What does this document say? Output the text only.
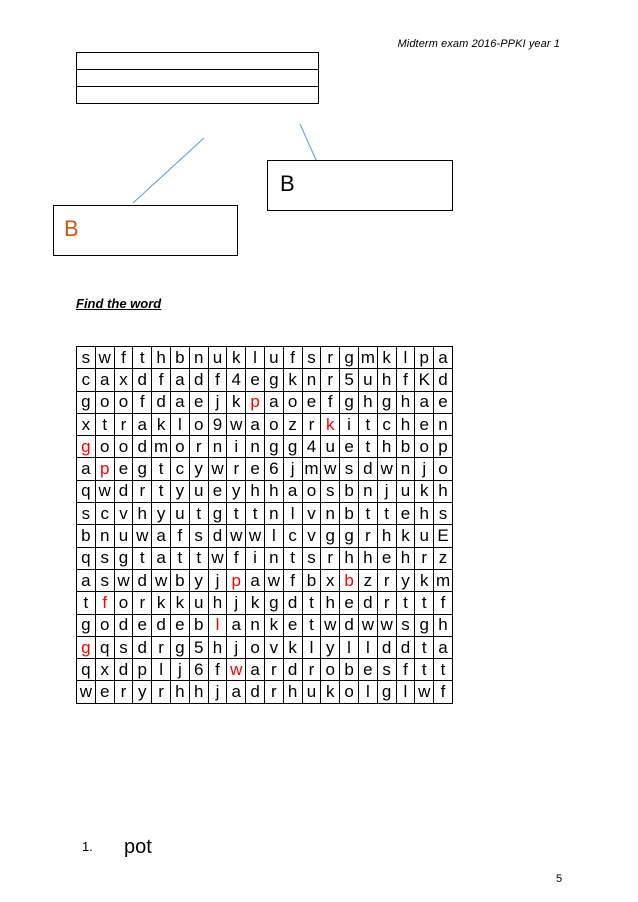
Midterm exam 2016-PPKI year 1

B
B
Find the word
s	w	f	t	h	b	n	u	k	l	u	f	s	r	g	m	k	l	p	a
c	a	x	d	f	a	d	f	4	e	g	k	n	r	5	u	h	f	K	d
g	o	o	f	d	a	e	j	k	p	a	o	e	f	g	h	g	h	a	e
x	t	r	a	k	l	o	9	w	a	o	z	r	k	i	t	c	h	e	n
g	o	o	d	m	o	r	n	i	n	g	g	4	u	e	t	h	b	o	p
a	p	e	g	t	c	y	w	r	e	6	j	m	w	s	d	w	n	j	o
q	w	d	r	t	y	u	e	y	h	h	a	o	s	b	n	j	u	k	h
s	c	v	h	y	u	t	g	t	t	n	l	v	n	b	t	t	e	h	s
b	n	u	w	a	f	s	d	w	w	l	c	v	g	g	r	h	k	u	E
q	s	g	t	a	t	t	w	f	i	n	t	s	r	h	h	e	h	r	z
a	s	w	d	w	b	y	j	p	a	w	f	b	x	b	z	r	y	k	m
t	f	o	r	k	k	u	h	j	k	g	d	t	h	e	d	r	t	t	f
g	o	d	e	d	e	b	l	a	n	k	e	t	w	d	w	w	s	g	h
g	q	s	d	r	g	5	h	j	o	v	k	l	y	l	l	d	d	t	a
q	x	d	p	l	j	6	f	w	a	r	d	r	o	b	e	s	f	t	t
w	e	r	y	r	h	h	j	a	d	r	h	u	k	o	l	g	l	w	f
1. pot
5
